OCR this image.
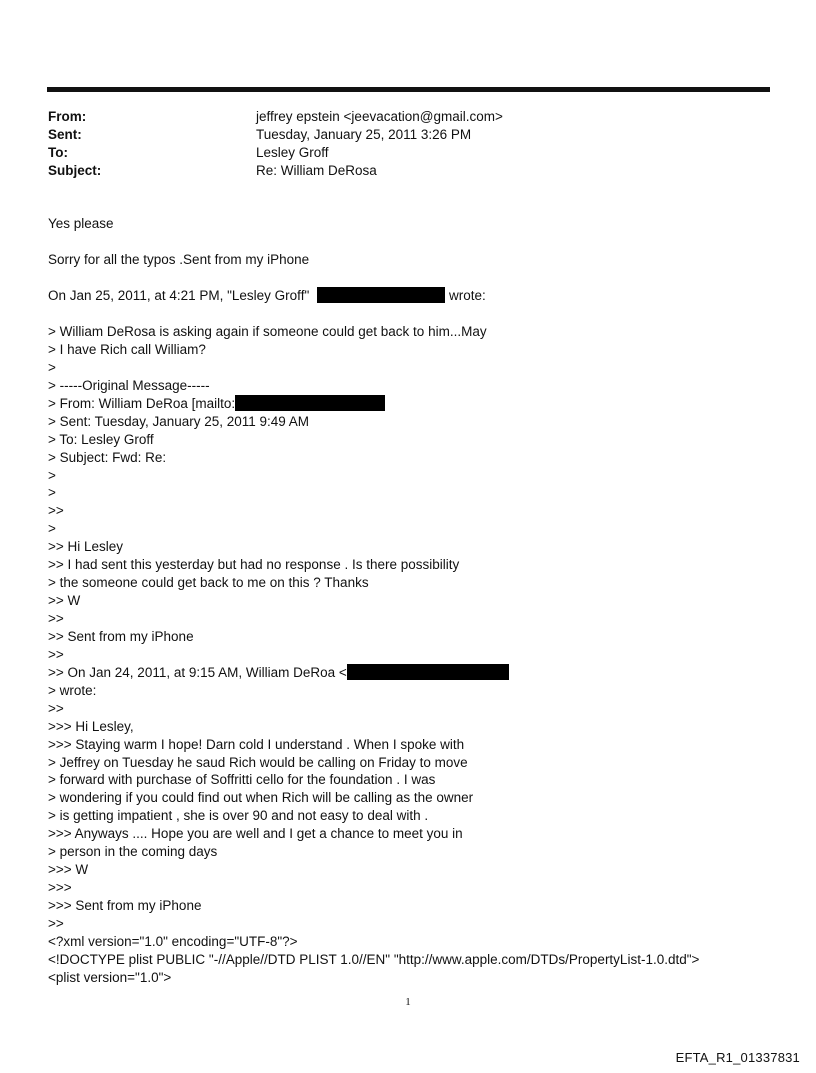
From:	jeffrey epstein <jeevacation@gmail.com>
Sent:	Tuesday, January 25, 2011 3:26 PM
To:	Lesley Groff
Subject:	Re: William DeRosa
Yes please
Sorry for all the typos .Sent from my iPhone
On Jan 25, 2011, at 4:21 PM, "Lesley Groff"	wrote:
> William DeRosa is asking again if someone could get back to him...May
> I have Rich call William?
>
> -----Original Message-----
> From: William DeRoa [mailto:
> Sent: Tuesday, January 25, 2011 9:49 AM
> To: Lesley Groff
> Subject: Fwd: Re:
>
>
>>
>
>> Hi Lesley
>> I had sent this yesterday but had no response . Is there possibility
> the someone could get back to me on this ? Thanks
>> W
>>
>> Sent from my iPhone
>>
>> On Jan 24, 2011, at 9:15 AM, William DeRoa <
> wrote:
>>
>>> Hi Lesley,
>>> Staying warm I hope! Darn cold I understand . When I spoke with
> Jeffrey on Tuesday he saud Rich would be calling on Friday to move
> forward with purchase of Soffritti cello for the foundation . I was
> wondering if you could find out when Rich will be calling as the owner
> is getting impatient , she is over 90 and not easy to deal with .
>>> Anyways .... Hope you are well and I get a chance to meet you in
> person in the coming days
>>> W
>>>
>>> Sent from my iPhone
>>
<?xml version="1.0" encoding="UTF-8"?>
<!DOCTYPE plist PUBLIC "-//Apple//DTD PLIST 1.0//EN" "http://www.apple.com/DTDs/PropertyList-1.0.dtd">
<plist version="1.0">
1
EFTA_R1_01337831
